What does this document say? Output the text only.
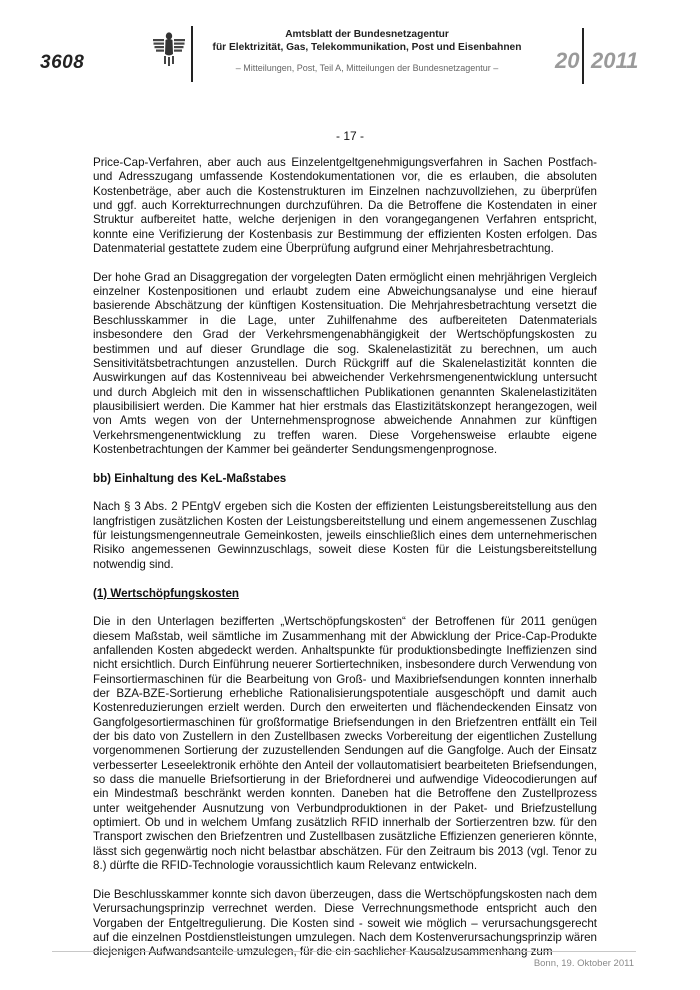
3608
Amtsblatt der Bundesnetzagentur
für Elektrizität, Gas, Telekommunikation, Post und Eisenbahnen
– Mitteilungen, Post, Teil A, Mitteilungen der Bundesnetzagentur –	20 2011
- 17 -

Price-Cap-Verfahren, aber auch aus Einzelentgeltgenehmigungsverfahren in Sachen Postfach- und Adresszugang umfassende Kostendokumentationen vor, die es erlauben, die absoluten Kostenbeträge, aber auch die Kostenstrukturen im Einzelnen nachzuvollziehen, zu überprüfen und ggf. auch Korrekturrechnungen durchzuführen. Da die Betroffene die Kostendaten in einer Struktur aufbereitet hatte, welche derjenigen in den vorangegangenen Verfahren entspricht, konnte eine Verifizierung der Kostenbasis zur Bestimmung der effizienten Kosten erfolgen. Das Datenmaterial gestattete zudem eine Überprüfung aufgrund einer Mehrjahresbetrachtung.

Der hohe Grad an Disaggregation der vorgelegten Daten ermöglicht einen mehrjährigen Vergleich einzelner Kostenpositionen und erlaubt zudem eine Abweichungsanalyse und eine hierauf basierende Abschätzung der künftigen Kostensituation. Die Mehrjahresbetrachtung versetzt die Beschlusskammer in die Lage, unter Zuhilfenahme des aufbereiteten Datenmaterials insbesondere den Grad der Verkehrsmengenabhängigkeit der Wertschöpfungskosten zu bestimmen und auf dieser Grundlage die sog. Skalenelastizität zu berechnen, um auch Sensitivitätsbetrachtungen anzustellen. Durch Rückgriff auf die Skalenelastizität konnten die Auswirkungen auf das Kostenniveau bei abweichender Verkehrsmengenentwicklung untersucht und durch Abgleich mit den in wissenschaftlichen Publikationen genannten Skalenelastizitäten plausibilisiert werden. Die Kammer hat hier erstmals das Elastizitätskonzept herangezogen, weil von Amts wegen von der Unternehmensprognose abweichende Annahmen zur künftigen Verkehrsmengenentwicklung zu treffen waren. Diese Vorgehensweise erlaubte eigene Kostenbetrachtungen der Kammer bei geänderter Sendungsmengenprognose.

bb) Einhaltung des KeL-Maßstabes

Nach § 3 Abs. 2 PEntgV ergeben sich die Kosten der effizienten Leistungsbereitstellung aus den langfristigen zusätzlichen Kosten der Leistungsbereitstellung und einem angemessenen Zuschlag für leistungsmengenneutrale Gemeinkosten, jeweils einschließlich eines dem unternehmerischen Risiko angemessenen Gewinnzuschlags, soweit diese Kosten für die Leistungsbereitstellung notwendig sind.

(1) Wertschöpfungskosten

Die in den Unterlagen bezifferten „Wertschöpfungskosten“ der Betroffenen für 2011 genügen diesem Maßstab, weil sämtliche im Zusammenhang mit der Abwicklung der Price-Cap-Produkte anfallenden Kosten abgedeckt werden. Anhaltspunkte für produktionsbedingte Ineffizienzen sind nicht ersichtlich. Durch Einführung neuerer Sortiertechniken, insbesondere durch Verwendung von Feinsortiermaschinen für die Bearbeitung von Groß- und Maxibriefsendungen konnten innerhalb der BZA-BZE-Sortierung erhebliche Rationalisierungspotentiale ausgeschöpft und damit auch Kostenreduzierungen erzielt werden. Durch den erweiterten und flächendeckenden Einsatz von Gangfolgesortiermaschinen für großformatige Briefsendungen in den Briefzentren entfällt ein Teil der bis dato von Zustellern in den Zustellbasen zwecks Vorbereitung der eigentlichen Zustellung vorgenommenen Sortierung der zuzustellenden Sendungen auf die Gangfolge. Auch der Einsatz verbesserter Leseelektronik erhöhte den Anteil der vollautomatisiert bearbeiteten Briefsendungen, so dass die manuelle Briefsortierung in der Briefordnerei und aufwendige Videocodierungen auf ein Mindestmaß beschränkt werden konnten. Daneben hat die Betroffene den Zustellprozess unter weitgehender Ausnutzung von Verbundproduktionen in der Paket- und Briefzustellung optimiert. Ob und in welchem Umfang zusätzlich RFID innerhalb der Sortierzentren bzw. für den Transport zwischen den Briefzentren und Zustellbasen zusätzliche Effizienzen generieren könnte, lässt sich gegenwärtig noch nicht belastbar abschätzen. Für den Zeitraum bis 2013 (vgl. Tenor zu 8.) dürfte die RFID-Technologie voraussichtlich kaum Relevanz entwickeln.

Die Beschlusskammer konnte sich davon überzeugen, dass die Wertschöpfungskosten nach dem Verursachungsprinzip verrechnet werden. Diese Verrechnungsmethode entspricht auch den Vorgaben der Entgeltregulierung. Die Kosten sind - soweit wie möglich – verursachungsgerecht auf die einzelnen Postdienstleistungen umzulegen. Nach dem Kostenverursachungsprinzip wären

Bonn, 19. Oktober 2011
